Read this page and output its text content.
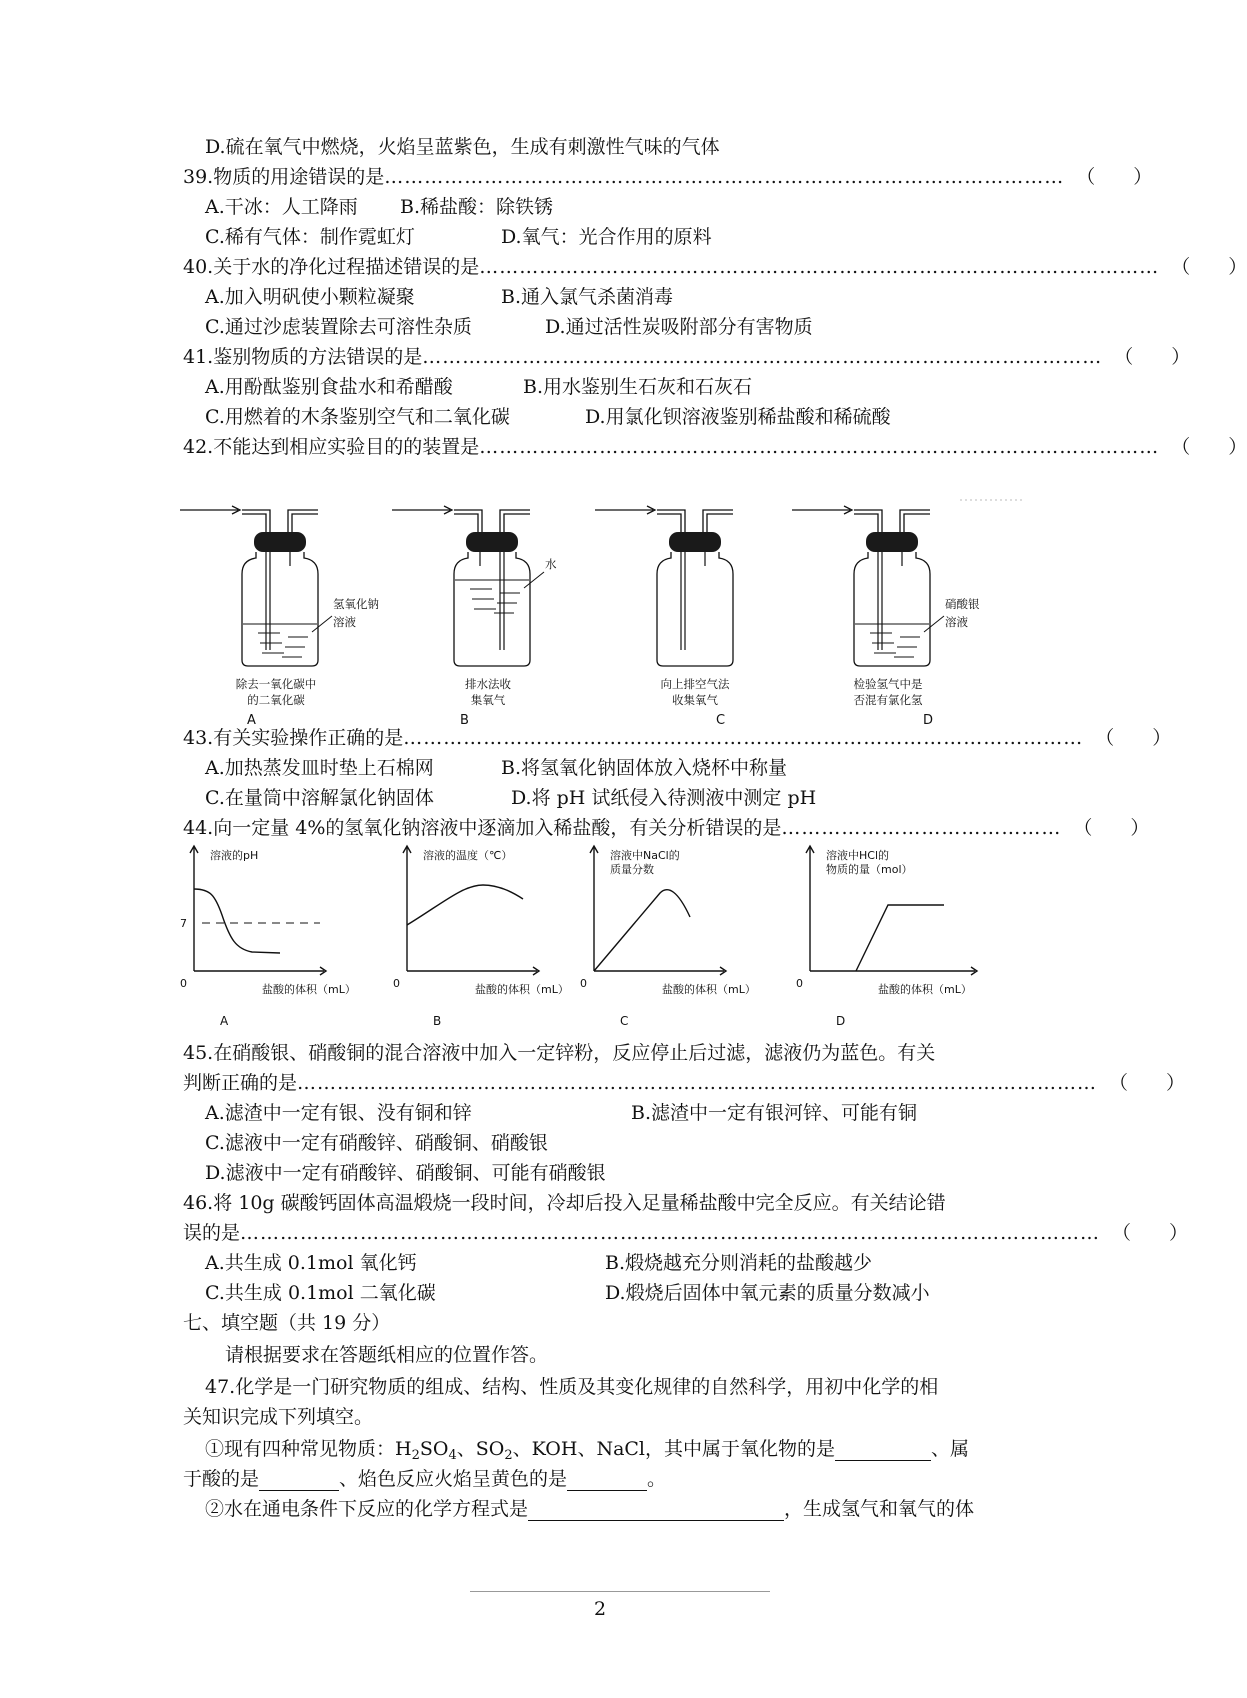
D.硫在氧气中燃烧，火焰呈蓝紫色，生成有刺激性气味的气体
39.物质的用途错误的是 ………………………………………………………………………………………… （　　）
A.干冰：人工降雨 B.稀盐酸：除铁锈
C.稀有气体：制作霓虹灯	D.氧气：光合作用的原料
40.关于水的净化过程描述错误的是 ………………………………………………………………………………………… （　　）
A.加入明矾使小颗粒凝聚	B.通入氯气杀菌消毒
C.通过沙虑装置除去可溶性杂质	D.通过活性炭吸附部分有害物质
41.鉴别物质的方法错误的是 ………………………………………………………………………………………… （　　）
A.用酚酞鉴别食盐水和希醋酸	B.用水鉴别生石灰和石灰石
C.用燃着的木条鉴别空气和二氧化碳	D.用氯化钡溶液鉴别稀盐酸和稀硫酸
42.不能达到相应实验目的的装置是 ………………………………………………………………………………………… （　　）
氢氧化钠
溶液
除去一氧化碳中
的二氧化碳
水
排水法收
集氧气
向上排空气法
收集氧气
硝酸银
溶液
检验氢气中是
否混有氯化氢
A	B	C	D
43.有关实验操作正确的是 ………………………………………………………………………………………… （　　）
A.加热蒸发皿时垫上石棉网	B.将氢氧化钠固体放入烧杯中称量
C.在量筒中溶解氯化钠固体	D.将 pH 试纸侵入待测液中测定 pH
44.向一定量 4%的氢氧化钠溶液中逐滴加入稀盐酸，有关分析错误的是 …………………………………… （　　）
溶液的pH
盐酸的体积（mL）
0
A
7
溶液的温度（℃）
盐酸的体积（mL）
0
B
溶液中NaCl的
质量分数
盐酸的体积（mL）
0
C
溶液中HCl的
物质的量（mol）
盐酸的体积（mL）
0
D
45.在硝酸银、硝酸铜的混合溶液中加入一定锌粉，反应停止后过滤，滤液仍为蓝色。有关
判断正确的是 ………………………………………………………………………………………………………… （　　）
A.滤渣中一定有银、没有铜和锌	B.滤渣中一定有银河锌、可能有铜
C.滤液中一定有硝酸锌、硝酸铜、硝酸银
D.滤液中一定有硝酸锌、硝酸铜、可能有硝酸银
46.将 10g 碳酸钙固体高温煅烧一段时间，冷却后投入足量稀盐酸中完全反应。有关结论错
误的是 ………………………………………………………………………………………………………………… （　　）
A.共生成 0.1mol 氧化钙	B.煅烧越充分则消耗的盐酸越少
C.共生成 0.1mol 二氧化碳	D.煅烧后固体中氧元素的质量分数减小
七、填空题（共 19 分）
请根据要求在答题纸相应的位置作答。
47.化学是一门研究物质的组成、结构、性质及其变化规律的自然科学，用初中化学的相
关知识完成下列填空。
①现有四种常见物质：$H_2SO_4$、$SO_2$、KOH、NaCl，其中属于氧化物的是	、属
于酸的是	、焰色反应火焰呈黄色的是	。
②水在通电条件下反应的化学方程式是	，生成氢气和氧气的体
2
